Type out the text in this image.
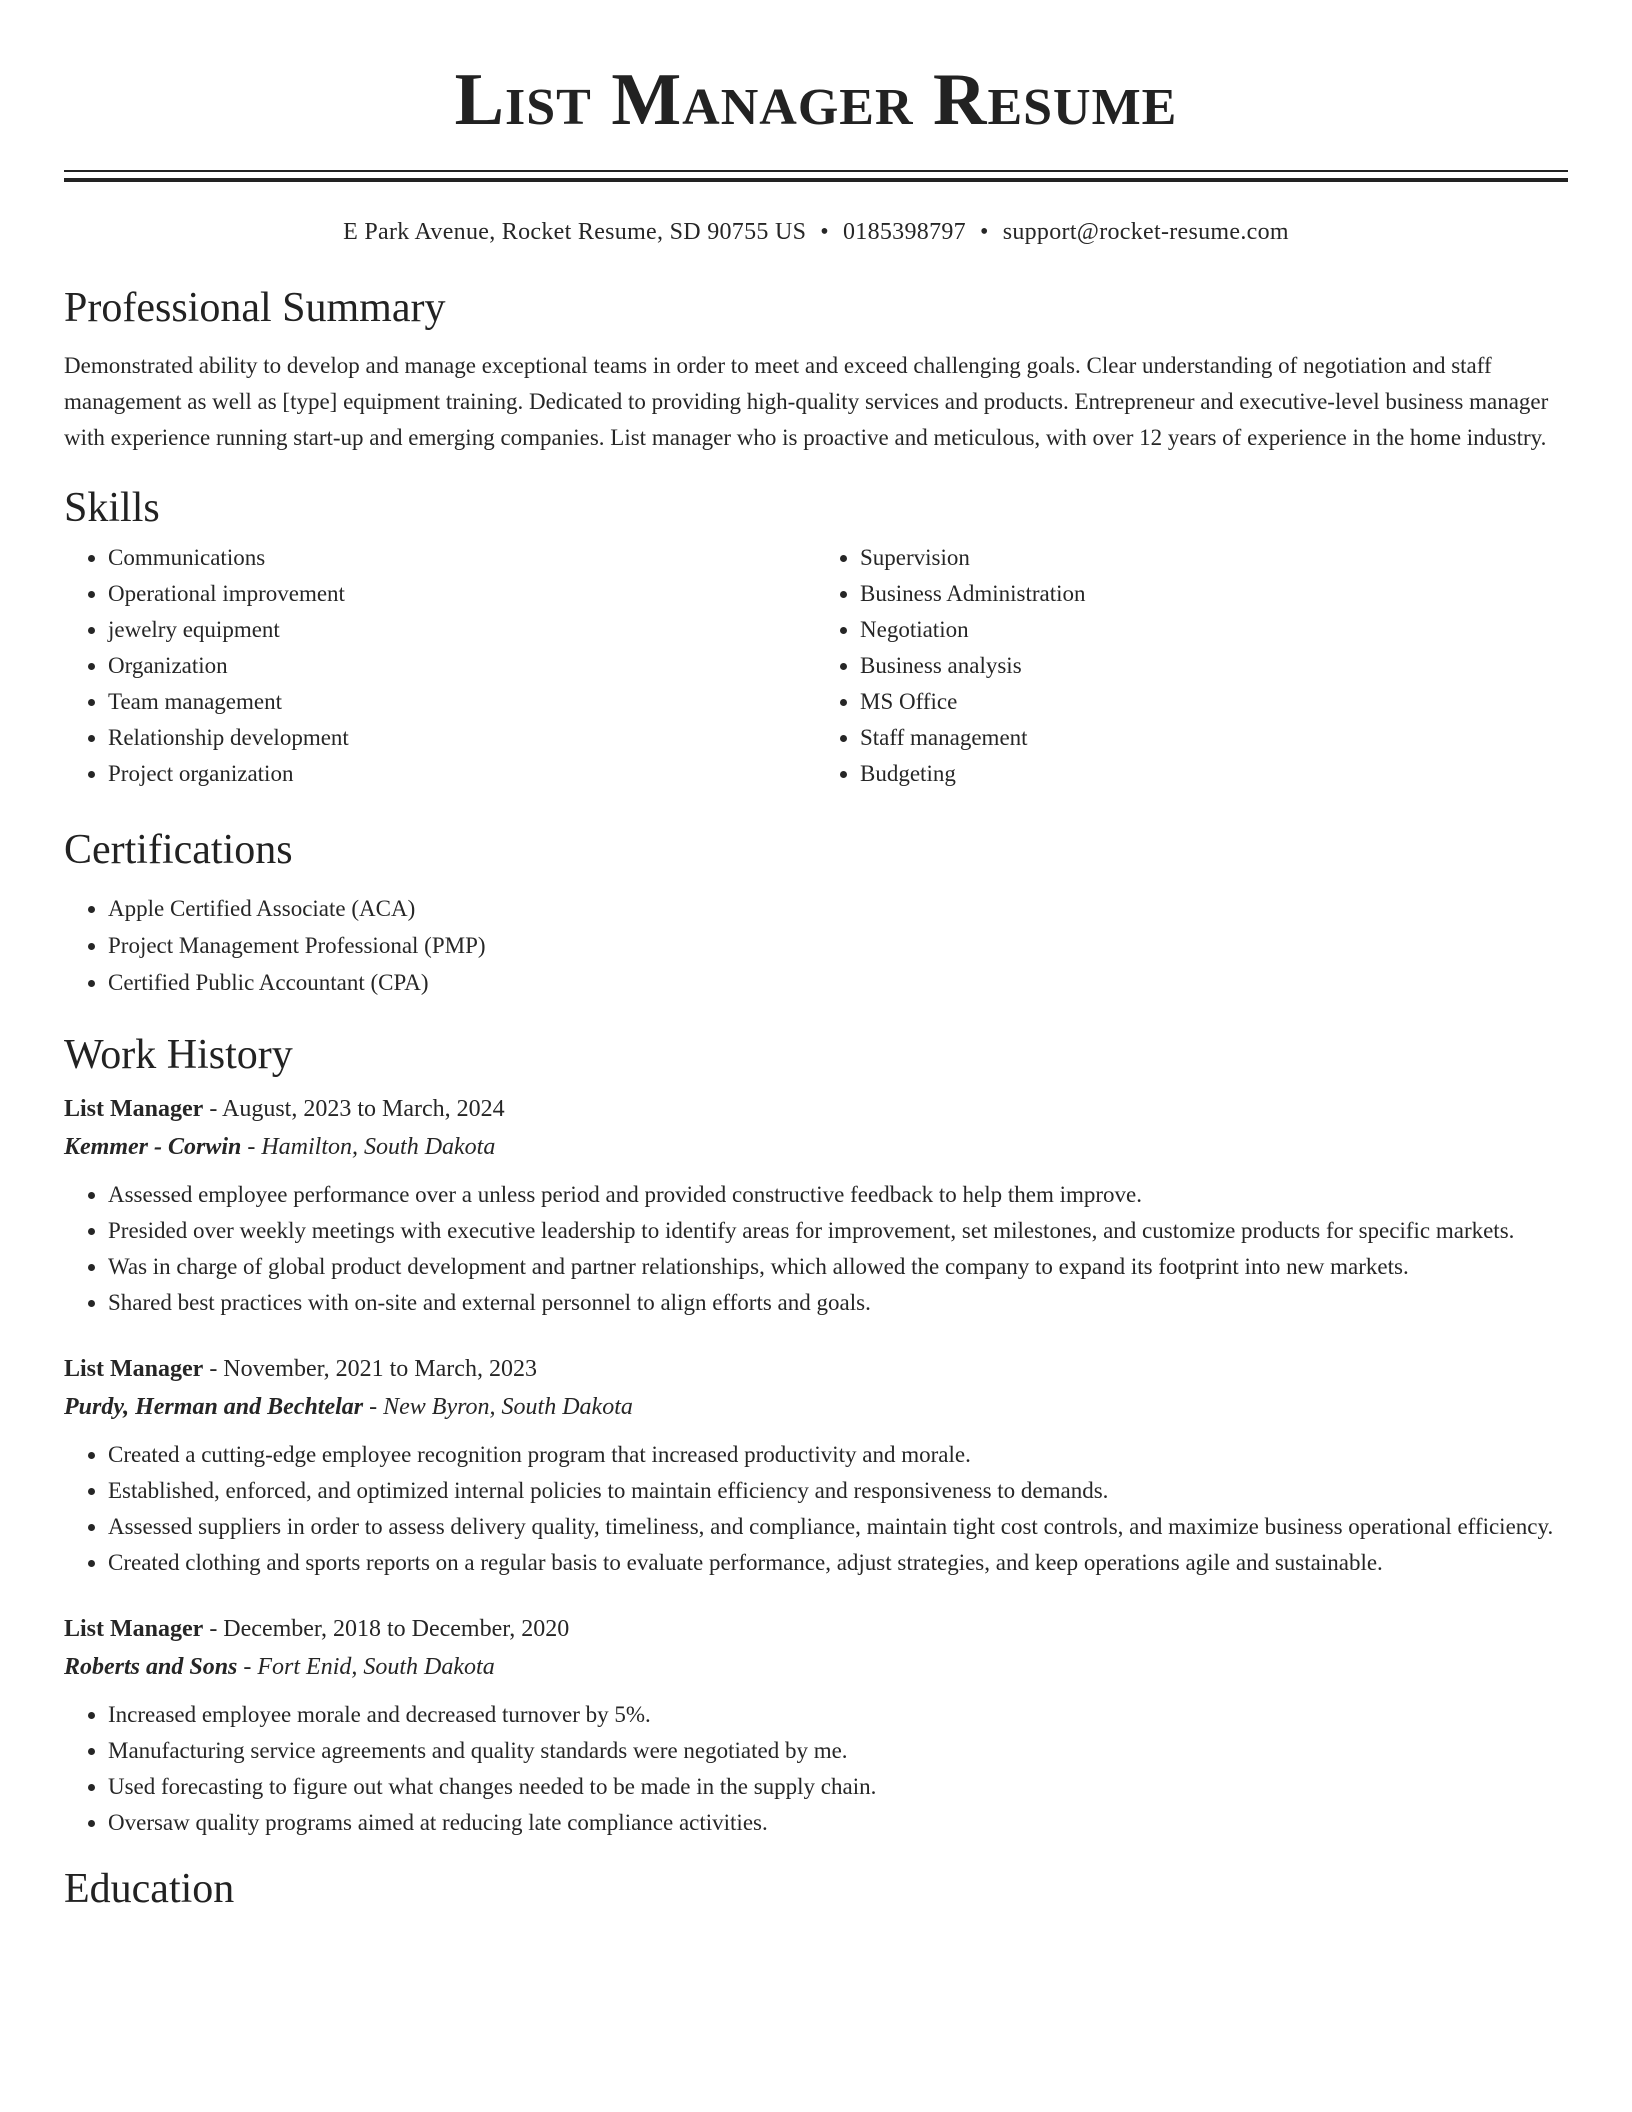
List Manager Resume
E Park Avenue, Rocket Resume, SD 90755 US • 0185398797 • support@rocket-resume.com
Professional Summary

Demonstrated ability to develop and manage exceptional teams in order to meet and exceed challenging goals. Clear understanding of negotiation and staff management as well as [type] equipment training. Dedicated to providing high-quality services and products. Entrepreneur and executive-level business manager with experience running start-up and emerging companies. List manager who is proactive and meticulous, with over 12 years of experience in the home industry.

Skills
• Communications
• Operational improvement
• jewelry equipment
• Organization
• Team management
• Relationship development
• Project organization
• Supervision
• Business Administration
• Negotiation
• Business analysis
• MS Office
• Staff management
• Budgeting
Certifications
• Apple Certified Associate (ACA)
• Project Management Professional (PMP)
• Certified Public Accountant (CPA)
Work History
List Manager - August, 2023 to March, 2024
Kemmer - Corwin - Hamilton, South Dakota
• Assessed employee performance over a unless period and provided constructive feedback to help them improve.
• Presided over weekly meetings with executive leadership to identify areas for improvement, set milestones, and customize products for specific markets.
• Was in charge of global product development and partner relationships, which allowed the company to expand its footprint into new markets.
• Shared best practices with on-site and external personnel to align efforts and goals.
List Manager - November, 2021 to March, 2023
Purdy, Herman and Bechtelar - New Byron, South Dakota
• Created a cutting-edge employee recognition program that increased productivity and morale.
• Established, enforced, and optimized internal policies to maintain efficiency and responsiveness to demands.
• Assessed suppliers in order to assess delivery quality, timeliness, and compliance, maintain tight cost controls, and maximize business operational efficiency.
• Created clothing and sports reports on a regular basis to evaluate performance, adjust strategies, and keep operations agile and sustainable.
List Manager - December, 2018 to December, 2020
Roberts and Sons - Fort Enid, South Dakota
• Increased employee morale and decreased turnover by 5%.
• Manufacturing service agreements and quality standards were negotiated by me.
• Used forecasting to figure out what changes needed to be made in the supply chain.
• Oversaw quality programs aimed at reducing late compliance activities.
Education
